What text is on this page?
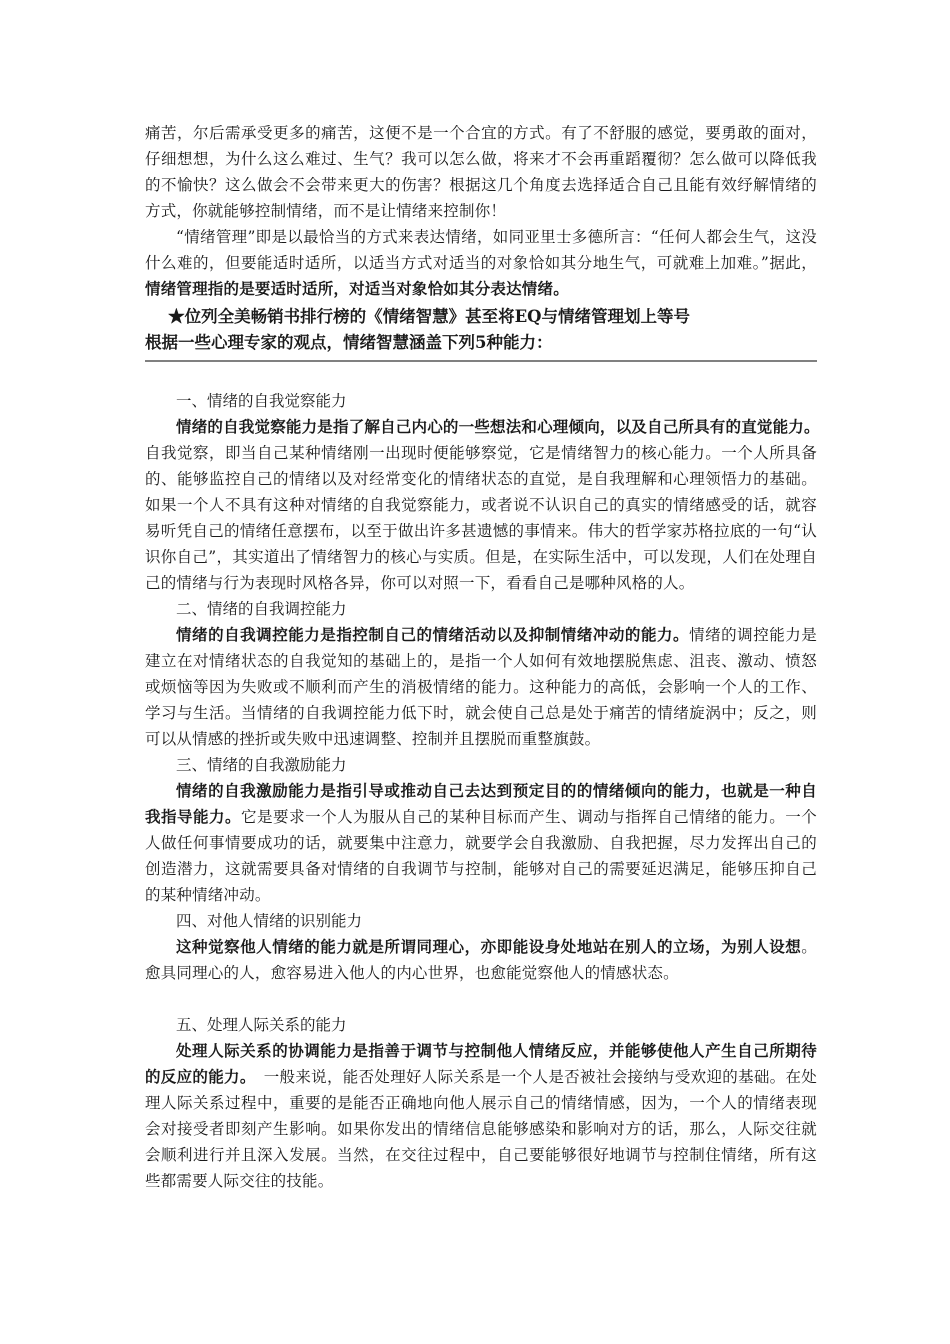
痛苦，尔后需承受更多的痛苦，这便不是一个合宜的方式。有了不舒服的感觉，要勇敢的面对，仔细想想，为什么这么难过、生气？我可以怎么做，将来才不会再重蹈覆彻？怎么做可以降低我的不愉快？这么做会不会带来更大的伤害？根据这几个角度去选择适合自己且能有效纾解情绪的方式，你就能够控制情绪，而不是让情绪来控制你！

“情绪管理”即是以最恰当的方式来表达情绪，如同亚里士多德所言：“任何人都会生气，这没什么难的，但要能适时适所，以适当方式对适当的对象恰如其分地生气，可就难上加难。”据此，情绪管理指的是要适时适所，对适当对象恰如其分表达情绪。

★位列全美畅销书排行榜的《情绪智慧》甚至将EQ与情绪管理划上等号
根据一些心理专家的观点，情绪智慧涵盖下列5种能力：
一、情绪的自我觉察能力

情绪的自我觉察能力是指了解自己内心的一些想法和心理倾向，以及自己所具有的直觉能力。　自我觉察，即当自己某种情绪刚一出现时便能够察觉，它是情绪智力的核心能力。一个人所具备的、能够监控自己的情绪以及对经常变化的情绪状态的直觉，是自我理解和心理领悟力的基础。如果一个人不具有这种对情绪的自我觉察能力，或者说不认识自己的真实的情绪感受的话，就容易听凭自己的情绪任意摆布，以至于做出许多甚遗憾的事情来。伟大的哲学家苏格拉底的一句“认识你自己”，其实道出了情绪智力的核心与实质。但是，在实际生活中，可以发现，人们在处理自己的情绪与行为表现时风格各异，你可以对照一下，看看自己是哪种风格的人。

二、情绪的自我调控能力

情绪的自我调控能力是指控制自己的情绪活动以及抑制情绪冲动的能力。情绪的调控能力是建立在对情绪状态的自我觉知的基础上的，是指一个人如何有效地摆脱焦虑、沮丧、激动、愤怒或烦恼等因为失败或不顺利而产生的消极情绪的能力。这种能力的高低，会影响一个人的工作、学习与生活。当情绪的自我调控能力低下时，就会使自己总是处于痛苦的情绪旋涡中；反之，则可以从情感的挫折或失败中迅速调整、控制并且摆脱而重整旗鼓。

三、情绪的自我激励能力

情绪的自我激励能力是指引导或推动自己去达到预定目的的情绪倾向的能力，也就是一种自我指导能力。它是要求一个人为服从自己的某种目标而产生、调动与指挥自己情绪的能力。一个人做任何事情要成功的话，就要集中注意力，就要学会自我激励、自我把握，尽力发挥出自己的创造潜力，这就需要具备对情绪的自我调节与控制，能够对自己的需要延迟满足，能够压抑自己的某种情绪冲动。

四、对他人情绪的识别能力

这种觉察他人情绪的能力就是所谓同理心，亦即能设身处地站在别人的立场，为别人设想。愈具同理心的人，愈容易进入他人的内心世界，也愈能觉察他人的情感状态。

五、处理人际关系的能力

处理人际关系的协调能力是指善于调节与控制他人情绪反应，并能够使他人产生自己所期待的反应的能力。　一般来说，能否处理好人际关系是一个人是否被社会接纳与受欢迎的基础。在处理人际关系过程中，重要的是能否正确地向他人展示自己的情绪情感，因为，一个人的情绪表现会对接受者即刻产生影响。如果你发出的情绪信息能够感染和影响对方的话，那么，人际交往就会顺利进行并且深入发展。当然，在交往过程中，自己要能够很好地调节与控制住情绪，所有这些都需要人际交往的技能。
